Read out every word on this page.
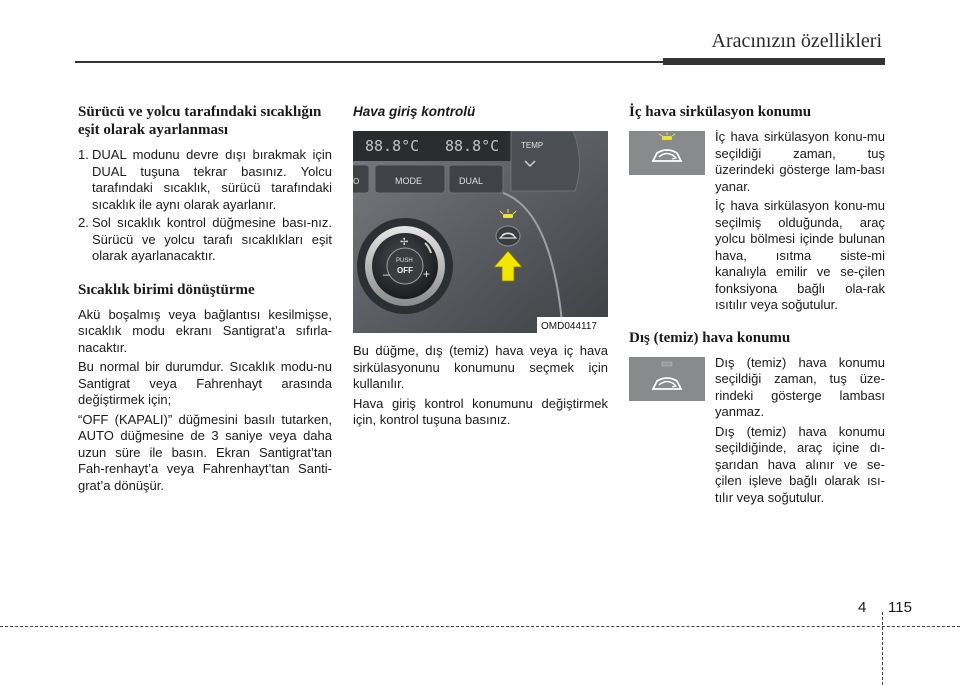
Aracınızın özellikleri
Sürücü ve yolcu tarafındaki sıcaklığın eşit olarak ayarlanması
1. DUAL modunu devre dışı bırakmak için DUAL tuşuna tekrar basınız. Yolcu tarafındaki sıcaklık, sürücü tarafındaki sıcaklık ile aynı olarak ayarlanır.
2. Sol sıcaklık kontrol düğmesine bası-nız. Sürücü ve yolcu tarafı sıcaklıkları eşit olarak ayarlanacaktır.
Sıcaklık birimi dönüştürme

Akü boşalmış veya bağlantısı kesilmişse, sıcaklık modu ekranı Santigrat’a sıfırla-nacaktır.

Bu normal bir durumdur. Sıcaklık modu-nu Santigrat veya Fahrenhayt arasında değiştirmek için;

“OFF (KAPALI)” düğmesini basılı tutarken, AUTO düğmesine de 3 saniye veya daha uzun süre ile basın. Ekran Santigrat’tan Fah-renhayt’a veya Fahrenhayt’tan Santi-grat’a dönüşür.

Hava giriş kontrolü
88.8°C 88.8°C	TEMP
O	MODE	DUAL
PUSH
OFF
–	+
✢
OMD044117

Bu düğme, dış (temiz) hava veya iç hava sirkülasyonunu konumunu seçmek için kullanılır.

Hava giriş kontrol konumunu değiştirmek için, kontrol tuşuna basınız.

İç hava sirkülasyon konumu

İç hava sirkülasyon konu-mu seçildiği zaman, tuş üzerindeki gösterge lam-bası yanar.

İç hava sirkülasyon konu-mu seçilmiş olduğunda, araç yolcu bölmesi içinde bulunan hava, ısıtma siste-mi kanalıyla emilir ve se-çilen fonksiyona bağlı ola-rak ısıtılır veya soğutulur.

Dış (temiz) hava konumu

Dış (temiz) hava konumu seçildiği zaman, tuş üze-rindeki gösterge lambası yanmaz.

Dış (temiz) hava konumu seçildiğinde, araç içine dı-şarıdan hava alınır ve se-çilen işleve bağlı olarak ısı-tılır veya soğutulur.

4 115
